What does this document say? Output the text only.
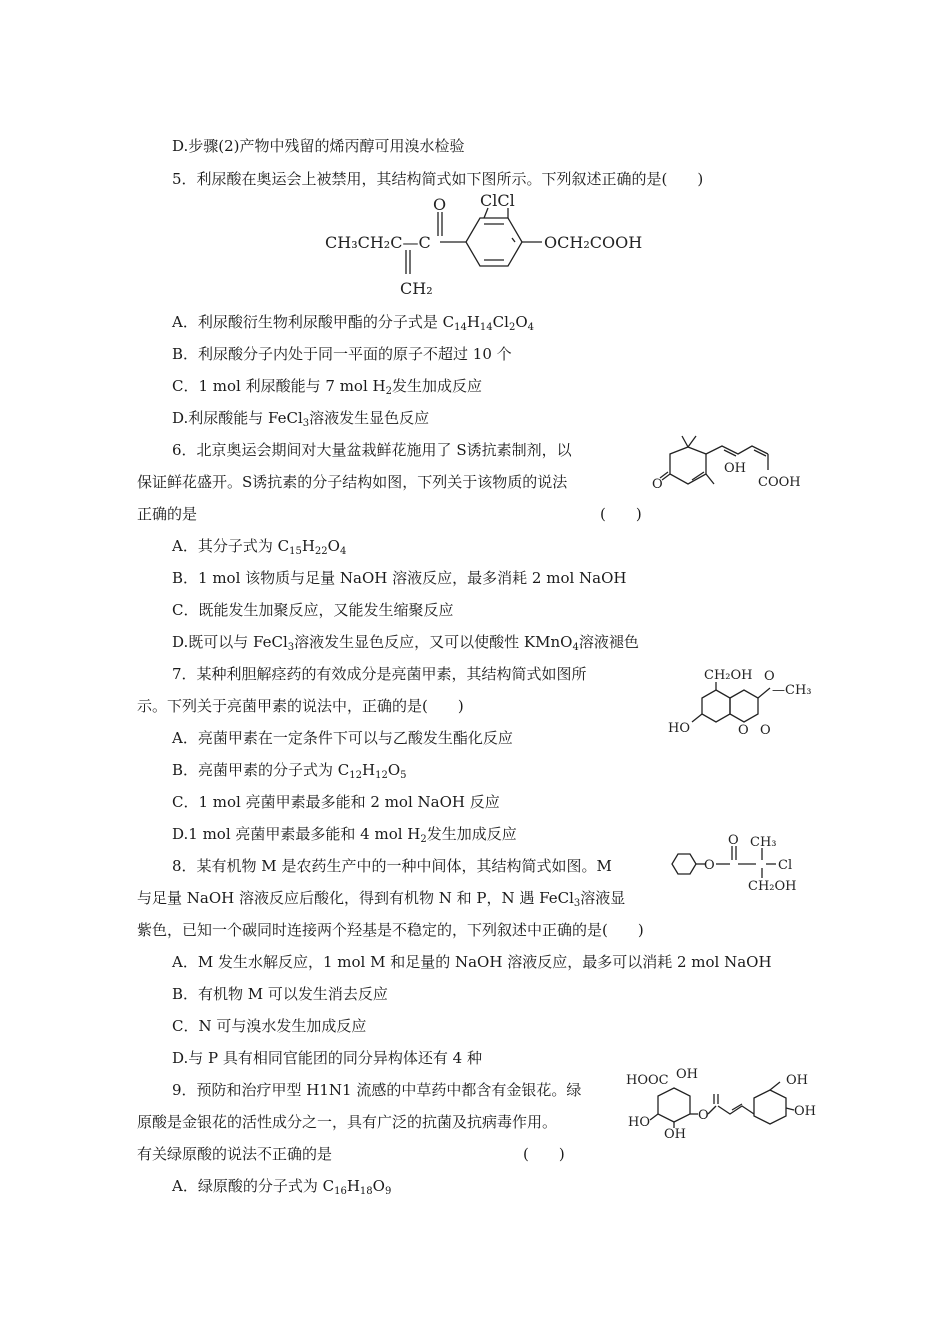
D.步骤(2)产物中残留的烯丙醇可用溴水检验
5．利尿酸在奥运会上被禁用，其结构简式如下图所示。下列叙述正确的是(　　)
O ClCl
CH₃CH₂C—C
CH₂
OCH₂COOH
A．利尿酸衍生物利尿酸甲酯的分子式是 $C_{14}H_{14}Cl_2O_4$
B．利尿酸分子内处于同一平面的原子不超过 10 个
C．1 mol 利尿酸能与 7 mol $H_2$发生加成反应
D.利尿酸能与 FeCl$_3$溶液发生显色反应
6．北京奥运会期间对大量盆栽鲜花施用了 S诱抗素制剂，以
保证鲜花盛开。S诱抗素的分子结构如图，下列关于该物质的说法
正确的是	(　　)
O
OH
COOH
A．其分子式为 $C_{15}H_{22}O_4$
B．1 mol 该物质与足量 NaOH 溶液反应，最多消耗 2 mol NaOH
C．既能发生加聚反应，又能发生缩聚反应
D.既可以与 FeCl$_3$溶液发生显色反应，又可以使酸性 KMnO$_4$溶液褪色
7．某种利胆解痉药的有效成分是亮菌甲素，其结构简式如图所
示。下列关于亮菌甲素的说法中，正确的是(　　)
CH₂OH O
—CH₃
HO	O O
A．亮菌甲素在一定条件下可以与乙酸发生酯化反应
B．亮菌甲素的分子式为 $C_{12}H_{12}O_5$
C．1 mol 亮菌甲素最多能和 2 mol NaOH 反应
D.1 mol 亮菌甲素最多能和 4 mol $H_2$发生加成反应
8．某有机物 M 是农药生产中的一种中间体，其结构简式如图。M
与足量 NaOH 溶液反应后酸化，得到有机物 N 和 P，N 遇 FeCl$_3$溶液显
紫色，已知一个碳同时连接两个羟基是不稳定的，下列叙述中正确的是(　　)
O
O CH₃
Cl
CH₂OH
A．M 发生水解反应，1 mol M 和足量的 NaOH 溶液反应，最多可以消耗 2 mol NaOH
B．有机物 M 可以发生消去反应
C．N 可与溴水发生加成反应
D.与 P 具有相同官能团的同分异构体还有 4 种
9．预防和治疗甲型 H1N1 流感的中草药中都含有金银花。绿
原酸是金银花的活性成分之一，具有广泛的抗菌及抗病毒作用。
有关绿原酸的说法不正确的是	(　　)
HOOC OH
HO
OH
O
OH
OH
A．绿原酸的分子式为 $C_{16}H_{18}O_9$
